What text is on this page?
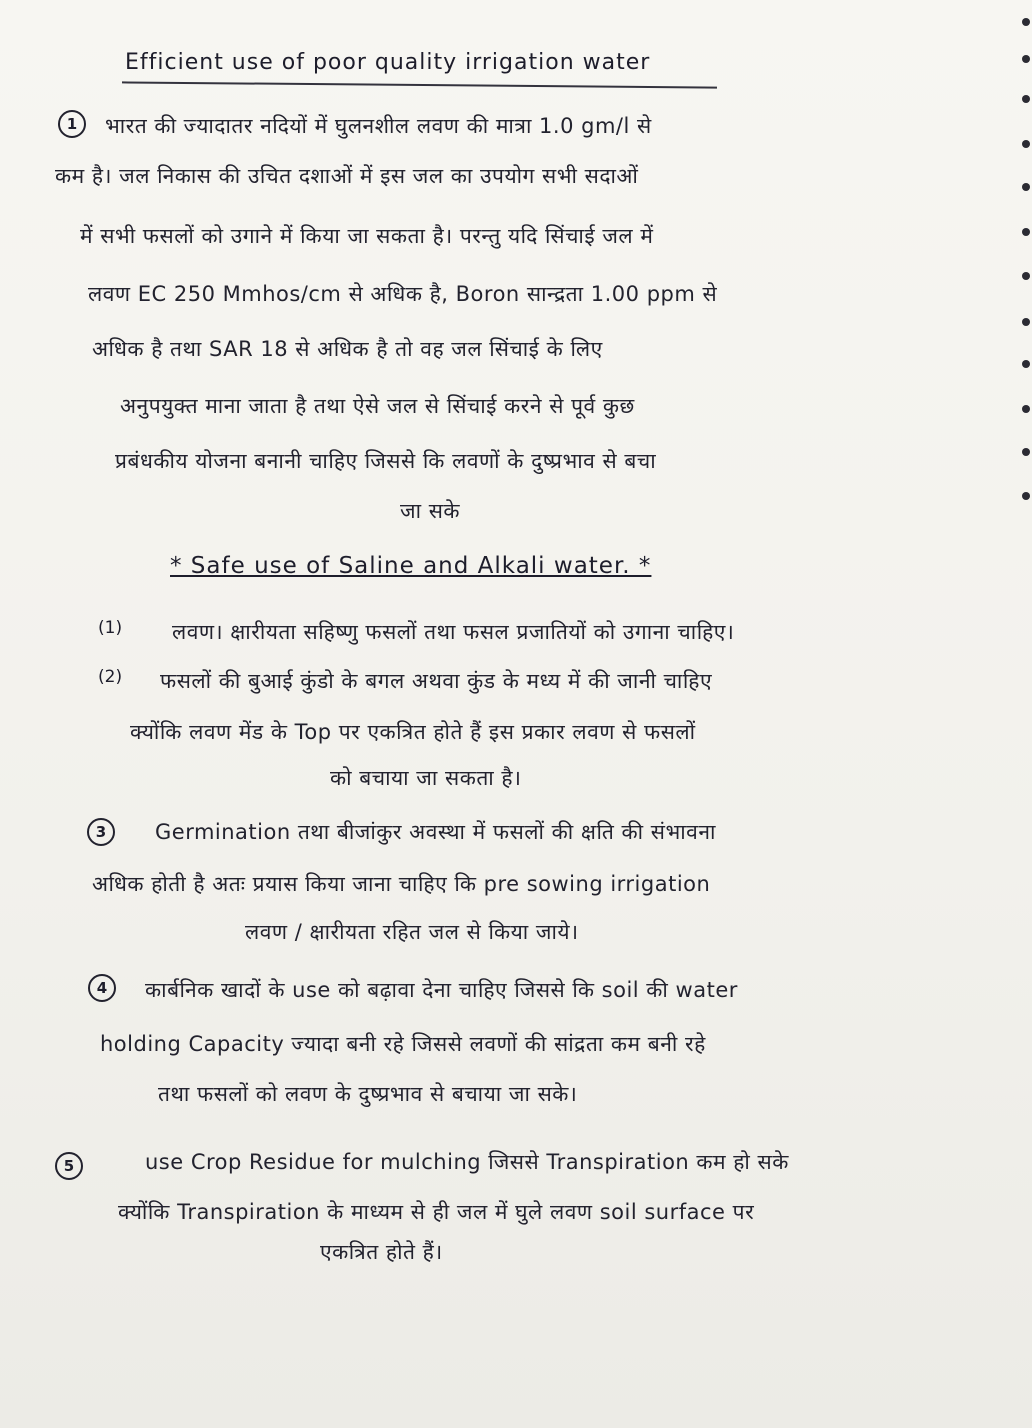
Efficient use of poor quality irrigation water
1	भारत की ज्यादातर नदियों में घुलनशील लवण की मात्रा 1.0 gm/l से
कम है। जल निकास की उचित दशाओं में इस जल का उपयोग सभी सदाओं
में सभी फसलों को उगाने में किया जा सकता है। परन्तु यदि सिंचाई जल में
लवण EC 250 Mmhos/cm से अधिक है, Boron सान्द्रता 1.00 ppm से
अधिक है तथा SAR 18 से अधिक है तो वह जल सिंचाई के लिए
अनुपयुक्त माना जाता है तथा ऐसे जल से सिंचाई करने से पूर्व कुछ
प्रबंधकीय योजना बनानी चाहिए जिससे कि लवणों के दुष्प्रभाव से बचा
जा सके
* Safe use of Saline and Alkali water. *
(1) लवण। क्षारीयता सहिष्णु फसलों तथा फसल प्रजातियों को उगाना चाहिए।
(2) फसलों की बुआई कुंडो के बगल अथवा कुंड के मध्य में की जानी चाहिए
क्योंकि लवण मेंड के Top पर एकत्रित होते हैं इस प्रकार लवण से फसलों
को बचाया जा सकता है।
3	Germination तथा बीजांकुर अवस्था में फसलों की क्षति की संभावना
अधिक होती है अतः प्रयास किया जाना चाहिए कि pre sowing irrigation
लवण / क्षारीयता रहित जल से किया जाये।
4	कार्बनिक खादों के use को बढ़ावा देना चाहिए जिससे कि soil की water
holding Capacity ज्यादा बनी रहे जिससे लवणों की सांद्रता कम बनी रहे
तथा फसलों को लवण के दुष्प्रभाव से बचाया जा सके।
5	use Crop Residue for mulching जिससे Transpiration कम हो सके
क्योंकि Transpiration के माध्यम से ही जल में घुले लवण soil surface पर
एकत्रित होते हैं।
